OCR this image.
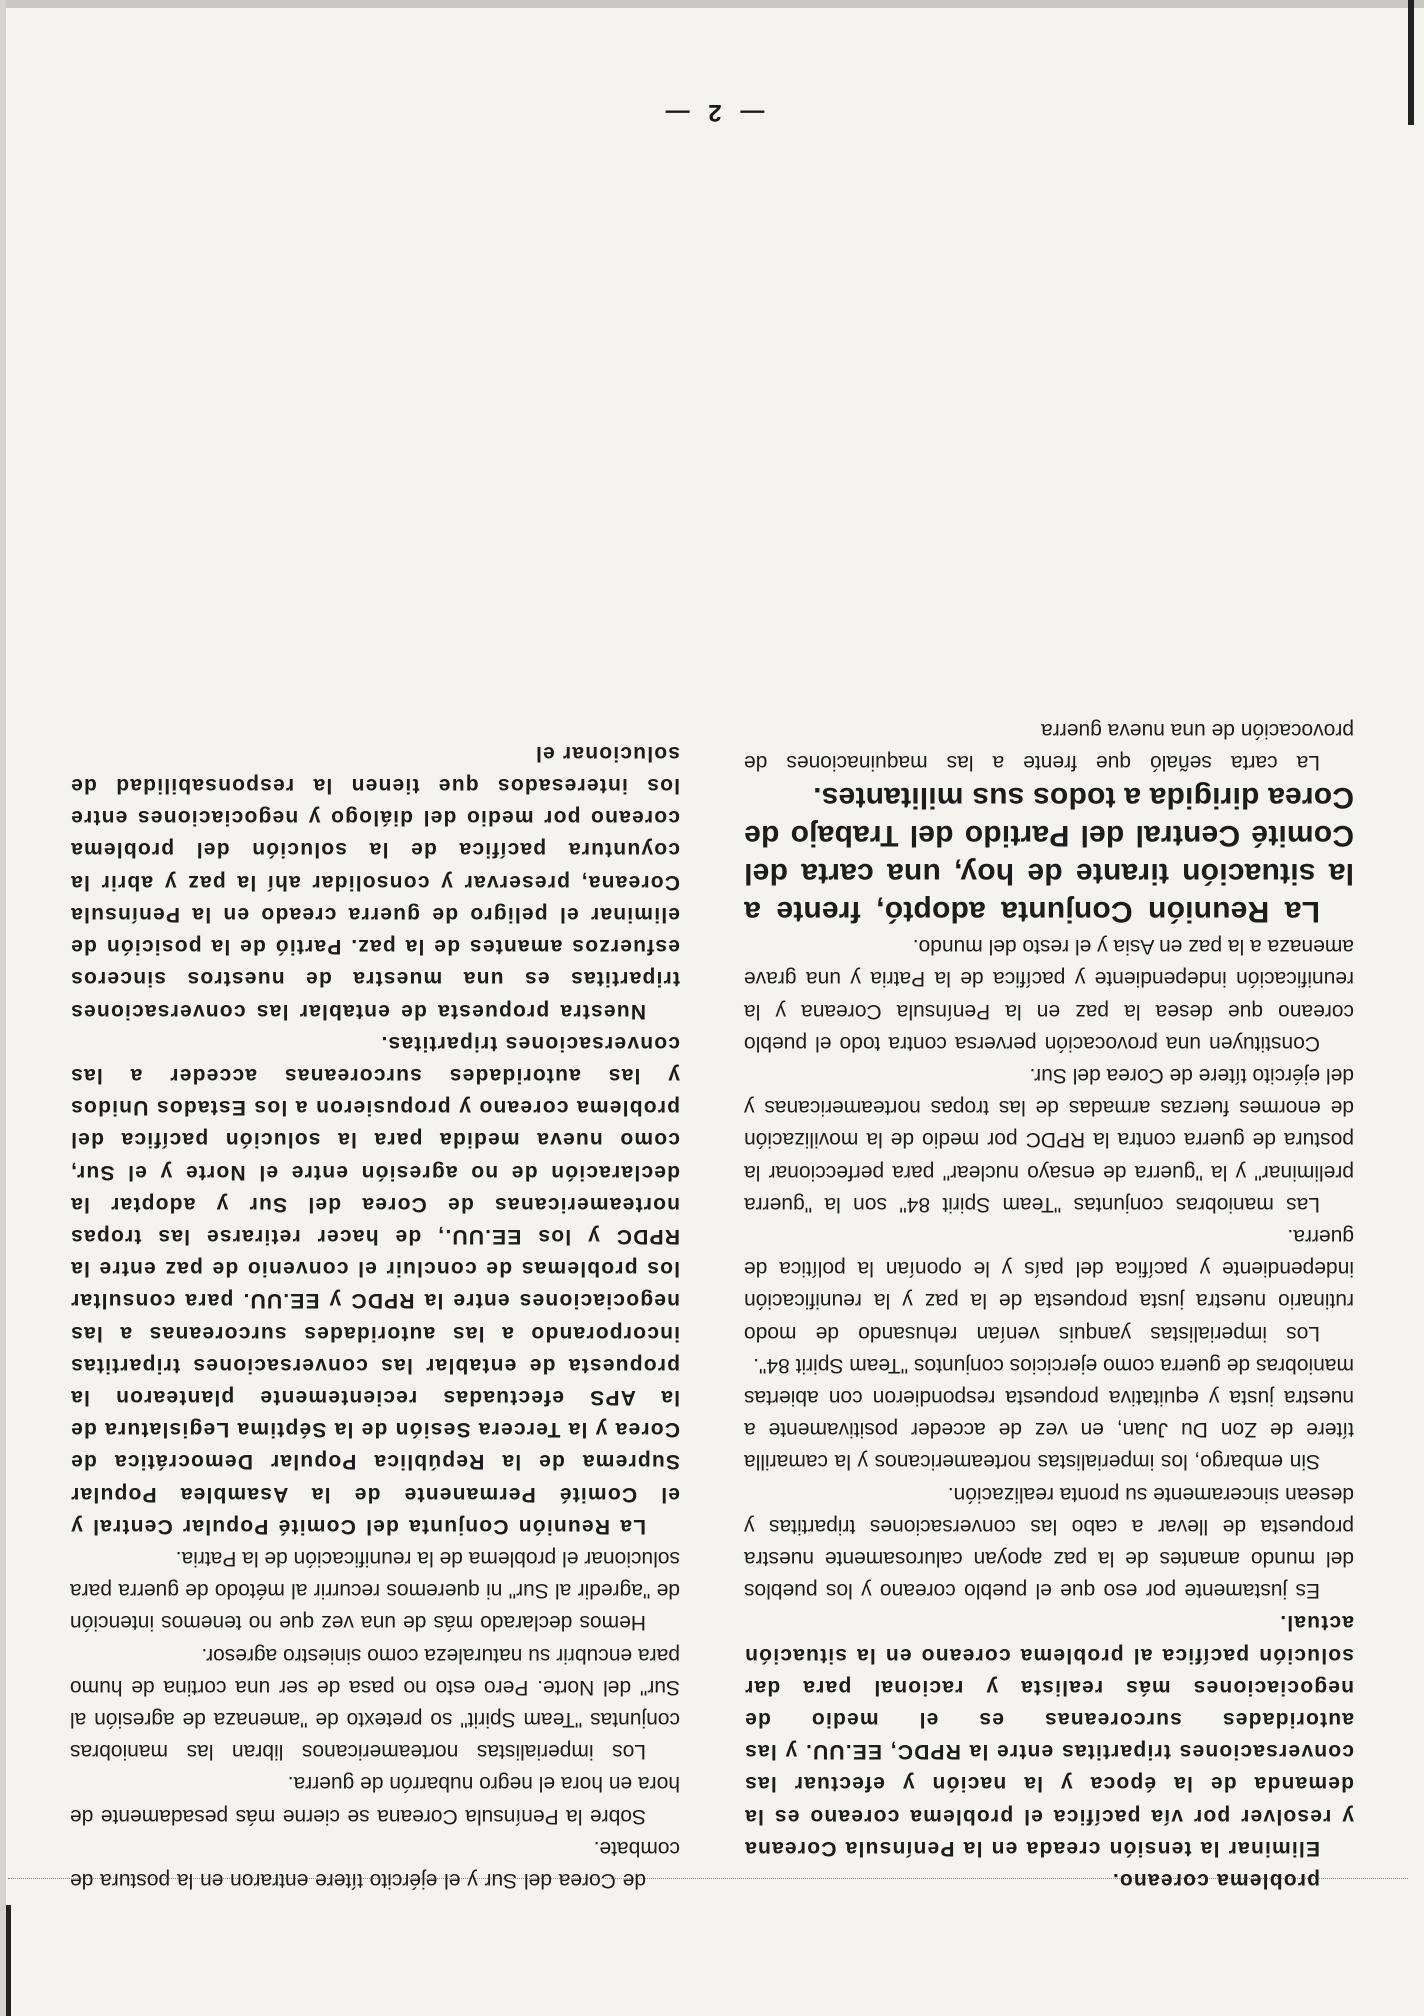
— 2 —

problema coreano.

Eliminar la tensión creada en la Península Coreana y resolver por vía pacífica el problema coreano es la demanda de la época y la nación y efectuar las conversaciones tripartitas entre la RPDC, EE.UU. y las autoridades surcoreanas es el medio de negociaciones más realista y racional para dar solución pacífica al problema coreano en la situación actual.

Es justamente por eso que el pueblo coreano y los pueblos del mundo amantes de la paz apoyan calurosamente nuestra propuesta de llevar a cabo las conversaciones tripartitas y desean sinceramente su pronta realización.

Sin embargo, los imperialistas norteamericanos y la camarilla títere de Zon Du Juan, en vez de acceder positivamente a nuestra justa y equitativa propuesta respondieron con abiertas maniobras de guerra como ejercicios conjuntos "Team Spirit 84".

Los imperialistas yanquis venían rehusando de modo rutinario nuestra justa propuesta de la paz y la reunificación independiente y pacífica del país y le oponían la política de guerra.

Las maniobras conjuntas "Team Spirit 84" son la "guerra preliminar" y la "guerra de ensayo nuclear" para perfeccionar la postura de guerra contra la RPDC por medio de la movilización de enormes fuerzas armadas de las tropas norteamericanas y del ejército títere de Corea del Sur.

Constituyen una provocación perversa contra todo el pueblo coreano que desea la paz en la Península Coreana y la reunificación independiente y pacífica de la Patria y una grave amenaza a la paz en Asia y el resto del mundo.

La Reunión Conjunta adoptó, frente a la situación tirante de hoy, una carta del Comité Central del Partido del Trabajo de Corea dirigida a todos sus militantes.

La carta señaló que frente a las maquinaciones de provocación de una nueva guerra

de Corea del Sur y el ejército títere entraron en la postura de combate.

Sobre la Península Coreana se cierne más pesadamente de hora en hora el negro nubarrón de guerra.

Los imperialistas norteamericanos libran las maniobras conjuntas "Team Spirit" so pretexto de "amenaza de agresión al Sur" del Norte. Pero esto no pasa de ser una cortina de humo para encubrir su naturaleza como siniestro agresor.

Hemos declarado más de una vez que no tenemos intención de "agredir al Sur" ni queremos recurrir al método de guerra para solucionar el problema de la reunificación de la Patria.

La Reunión Conjunta del Comité Popular Central y el Comité Permanente de la Asamblea Popular Suprema de la República Popular Democrática de Corea y la Tercera Sesión de la Séptima Legislatura de la APS efectuadas recientemente plantearon la propuesta de entablar las conversaciones tripartitas incorporando a las autoridades surcoreanas a las negociaciones entre la RPDC y EE.UU. para consultar los problemas de concluir el convenio de paz entre la RPDC y los EE.UU., de hacer retirarse las tropas norteamericanas de Corea del Sur y adoptar la declaración de no agresión entre el Norte y el Sur, como nueva medida para la solución pacífica del problema coreano y propusieron a los Estados Unidos y las autoridades surcoreanas acceder a las conversaciones tripartitas.

Nuestra propuesta de entablar las conversaciones tripartitas es una muestra de nuestros sinceros esfuerzos amantes de la paz. Partió de la posición de eliminar el peligro de guerra creado en la Península Coreana, preservar y consolidar ahí la paz y abrir la coyuntura pacífica de la solución del problema coreano por medio del diálogo y negociaciones entre los interesados que tienen la responsabilidad de solucionar el
